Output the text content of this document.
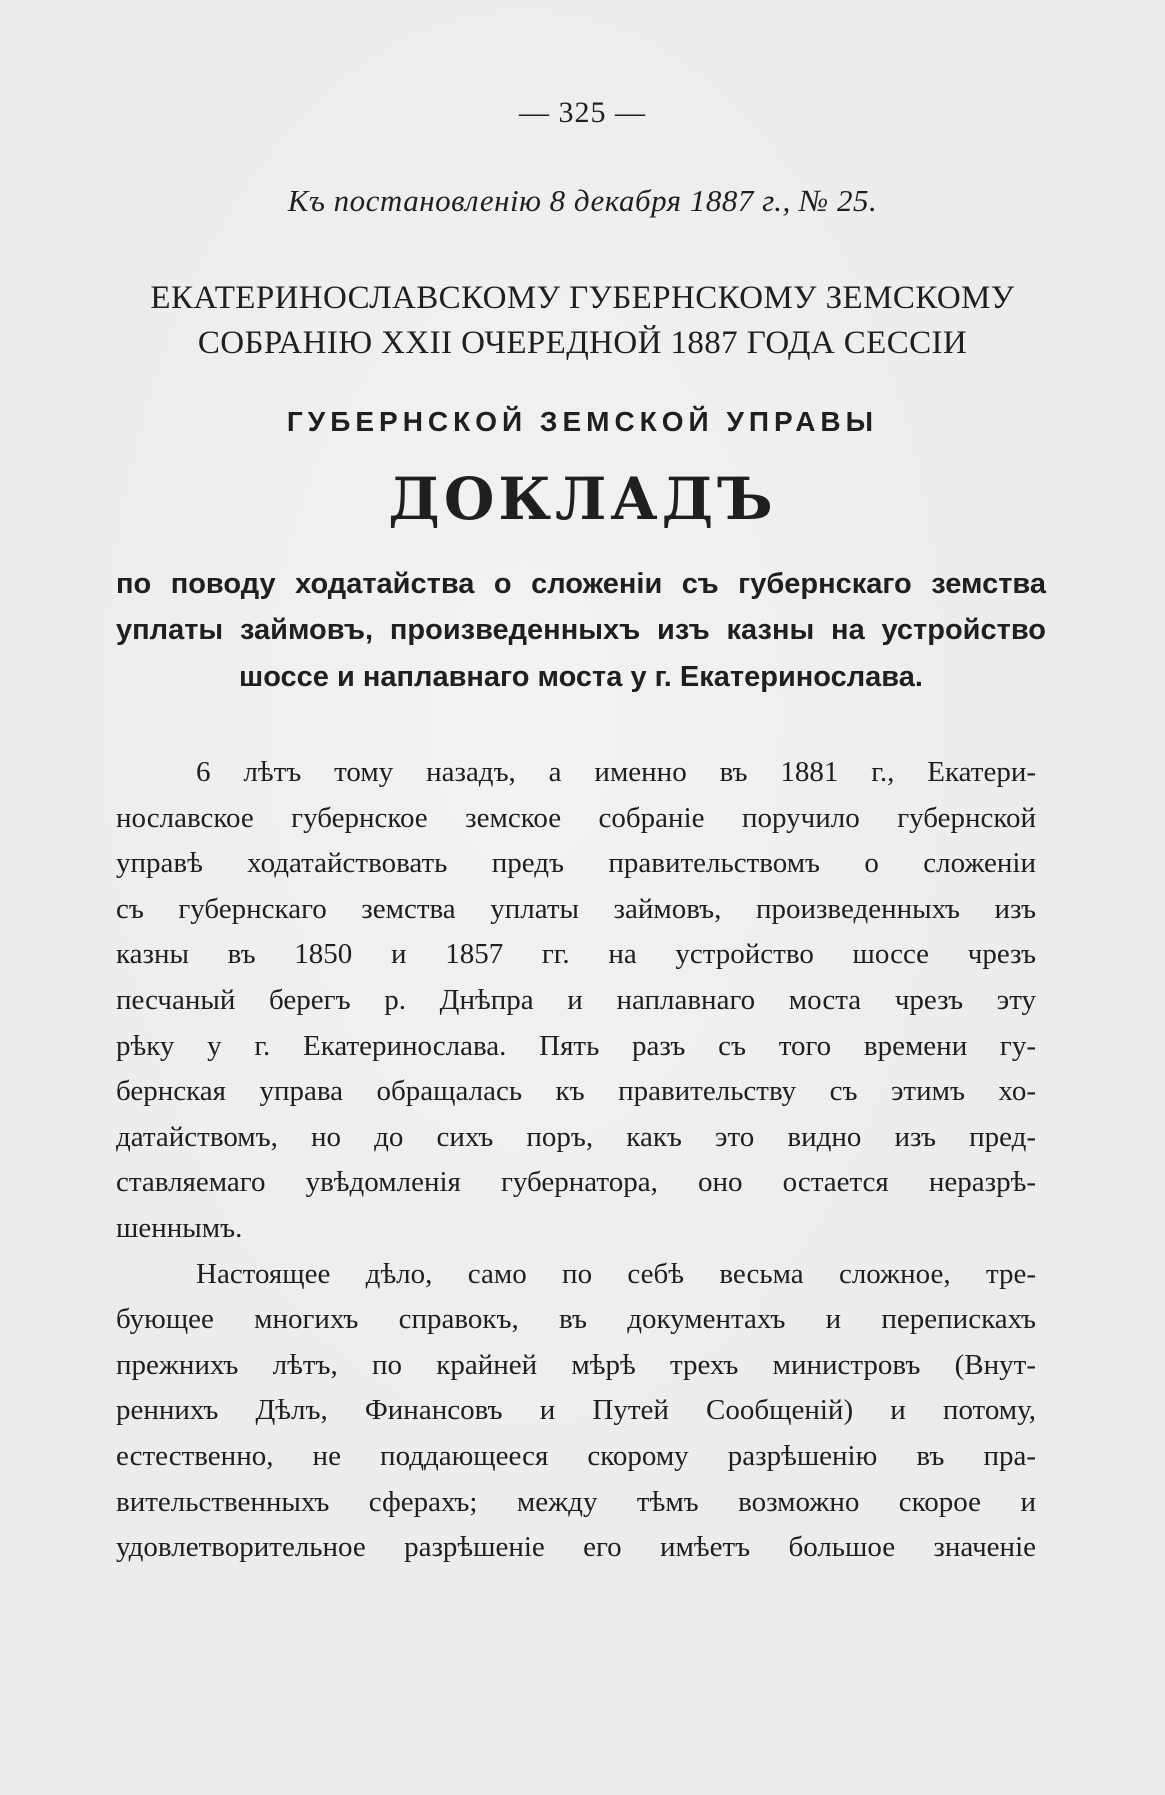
— 325 —
Къ постановленію 8 декабря 1887 г., № 25.
ЕКАТЕРИНОСЛАВСКОМУ ГУБЕРНСКОМУ ЗЕМСКОМУ
СОБРАНІЮ XXII ОЧЕРЕДНОЙ 1887 ГОДА СЕССІИ
ГУБЕРНСКОЙ ЗЕМСКОЙ УПРАВЫ
ДОКЛАДЪ
по поводу ходатайства о сложеніи съ губернскаго земства
уплаты займовъ, произведенныхъ изъ казны на устройство
шоссе и наплавнаго моста у г. Екатеринослава.
6 лѣтъ тому назадъ, а именно въ 1881 г., Екатери-
нославское губернское земское собраніе поручило губернской
управѣ ходатайствовать предъ правительствомъ о сложеніи
съ губернскаго земства уплаты займовъ, произведенныхъ изъ
казны въ 1850 и 1857 гг. на устройство шоссе чрезъ
песчаный берегъ р. Днѣпра и наплавнаго моста чрезъ эту
рѣку у г. Екатеринослава. Пять разъ съ того времени гу-
бернская управа обращалась къ правительству съ этимъ хо-
датайствомъ, но до сихъ поръ, какъ это видно изъ пред-
ставляемаго увѣдомленія губернатора, оно остается неразрѣ-
шеннымъ.
Настоящее дѣло, само по себѣ весьма сложное, тре-
бующее многихъ справокъ, въ документахъ и перепискахъ
прежнихъ лѣтъ, по крайней мѣрѣ трехъ министровъ (Внут-
реннихъ Дѣлъ, Финансовъ и Путей Сообщеній) и потому,
естественно, не поддающееся скорому разрѣшенію въ пра-
вительственныхъ сферахъ; между тѣмъ возможно скорое и
удовлетворительное разрѣшеніе его имѣетъ большое значеніе
